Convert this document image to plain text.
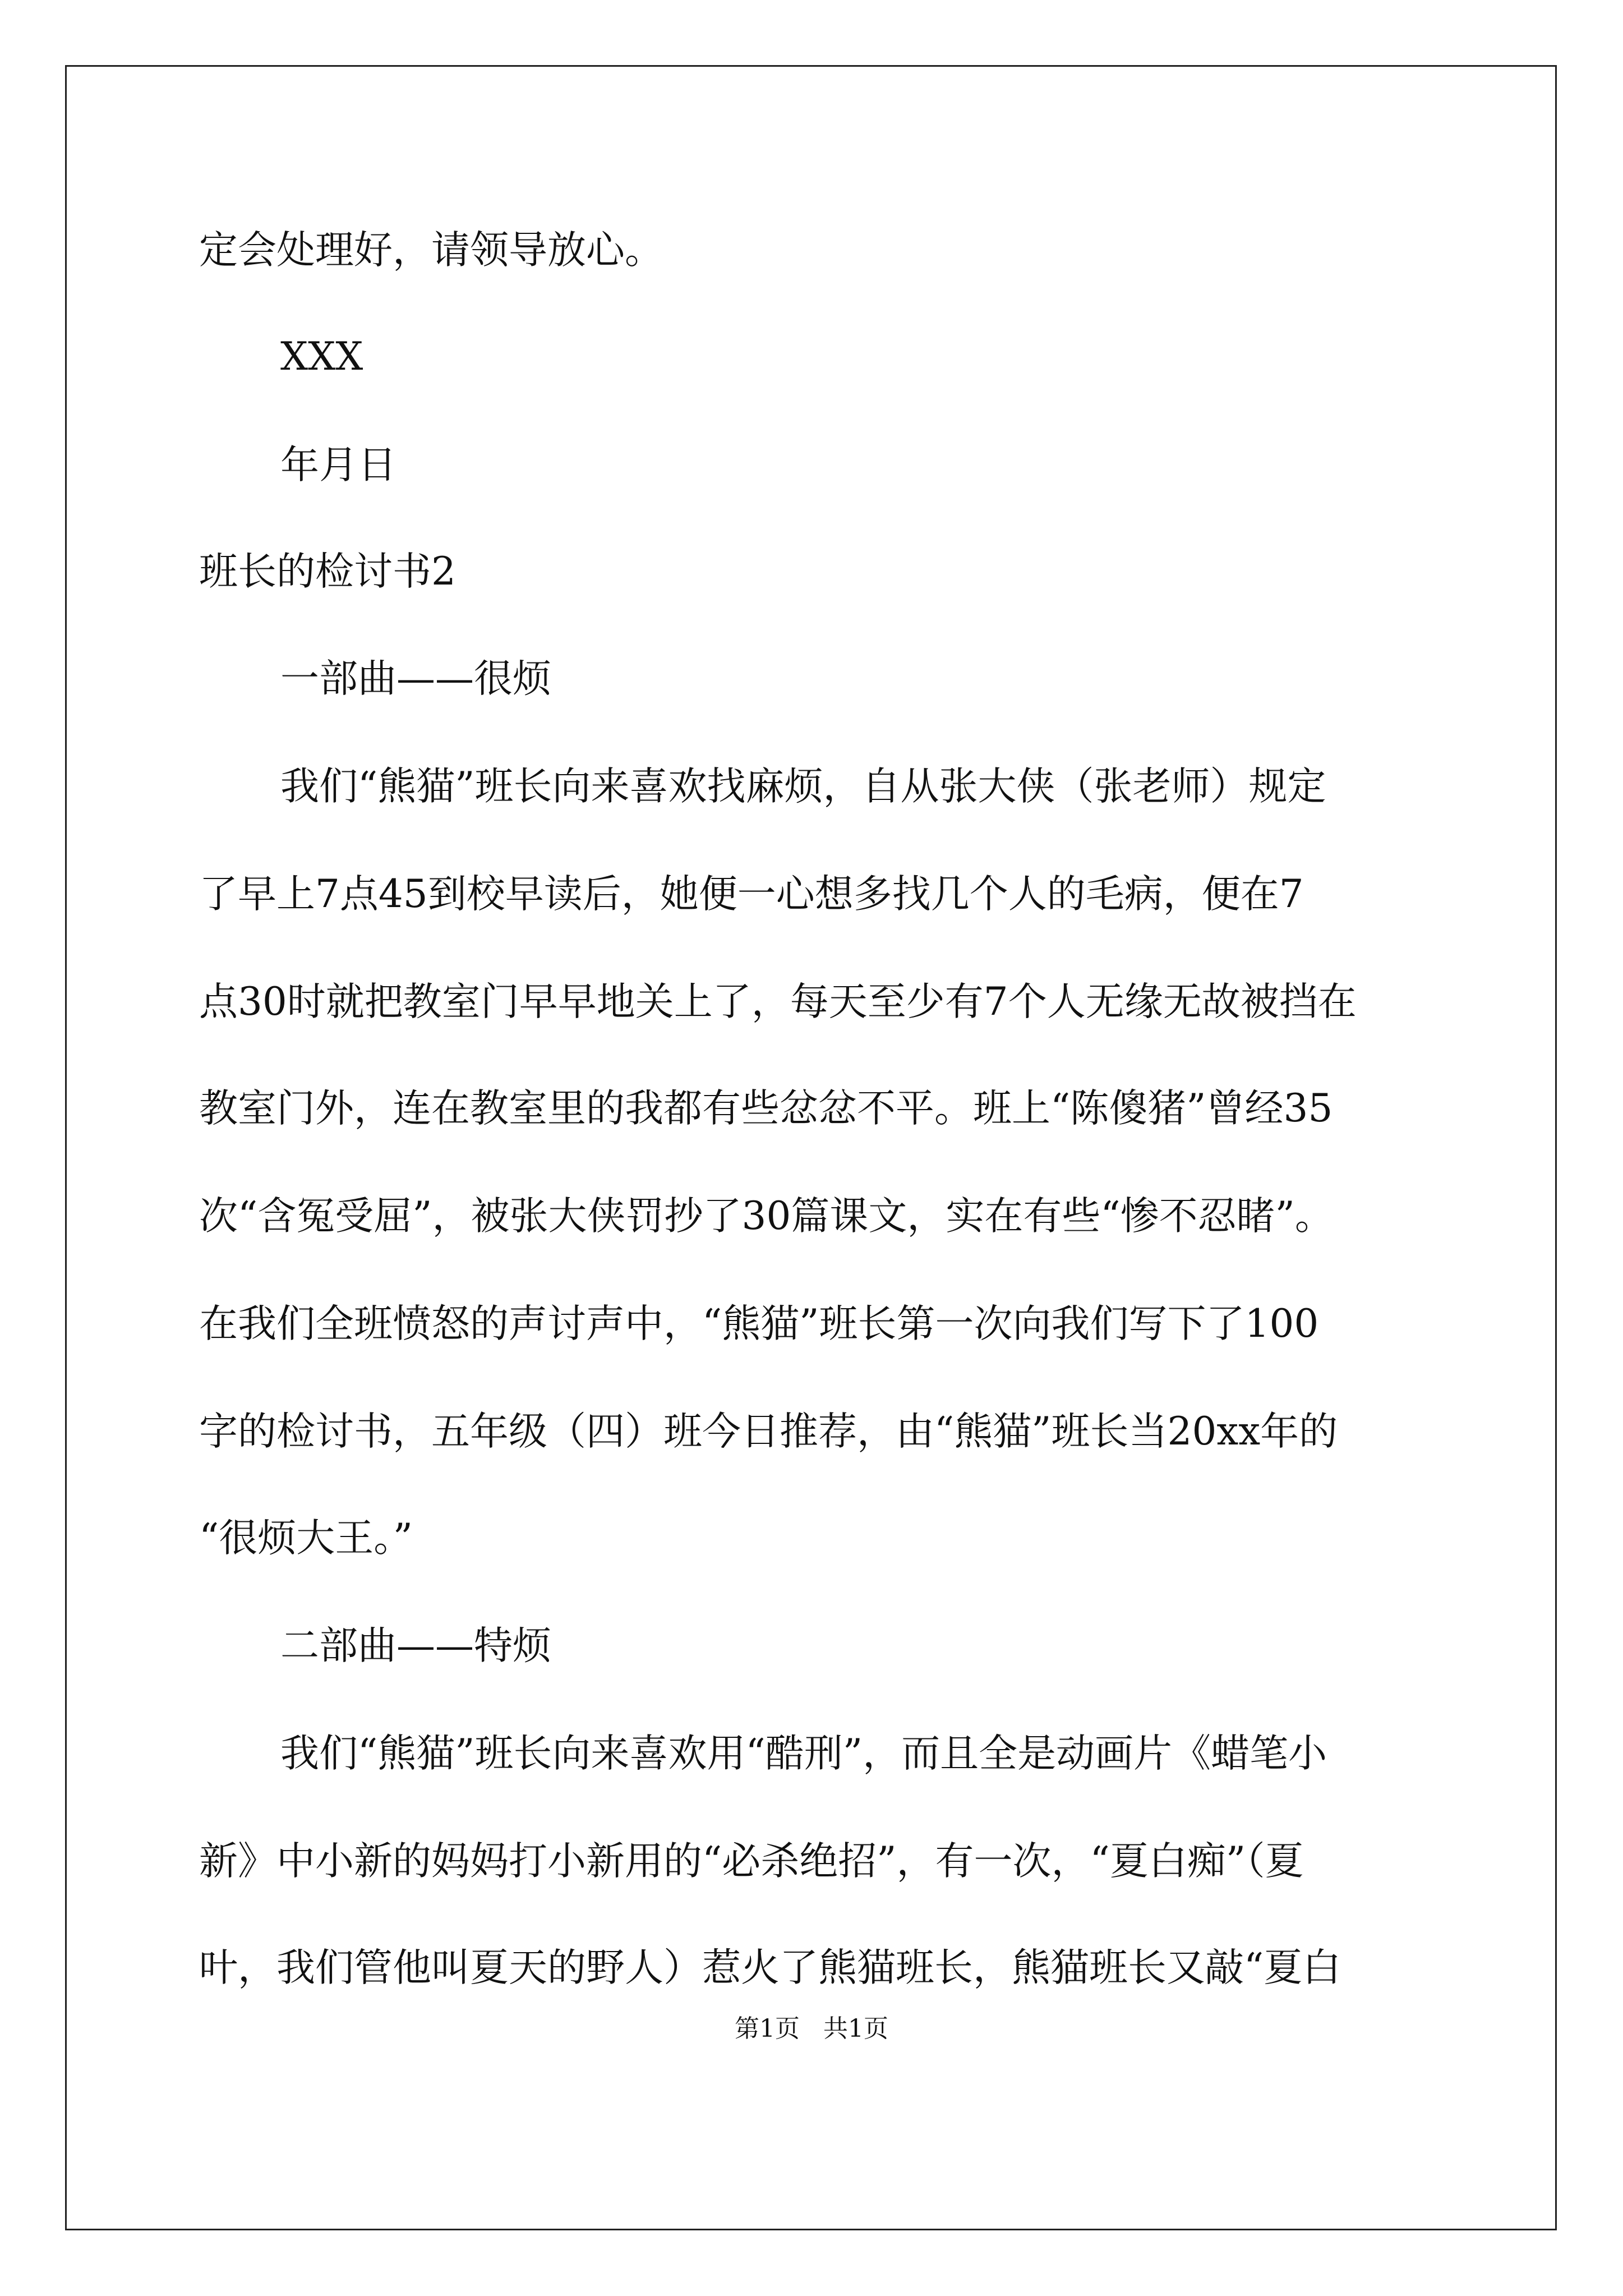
定会处理好，请领导放心。
XXX
年月日
班长的检讨书2
一部曲——很烦
我们“熊猫”班长向来喜欢找麻烦，自从张大侠（张老师）规定
了早上7点45到校早读后，她便一心想多找几个人的毛病，便在7
点30时就把教室门早早地关上了，每天至少有7个人无缘无故被挡在
教室门外，连在教室里的我都有些忿忿不平。班上“陈傻猪”曾经35
次“含冤受屈”，被张大侠罚抄了30篇课文，实在有些“惨不忍睹”。
在我们全班愤怒的声讨声中，“熊猫”班长第一次向我们写下了100
字的检讨书，五年级（四）班今日推荐，由“熊猫”班长当20xx年的
“很烦大王。”
二部曲——特烦
我们“熊猫”班长向来喜欢用“酷刑”，而且全是动画片《蜡笔小
新》中小新的妈妈打小新用的“必杀绝招”，有一次，“夏白痴”（夏
叶，我们管他叫夏天的野人）惹火了熊猫班长，熊猫班长又敲“夏白
第1页   共1页
